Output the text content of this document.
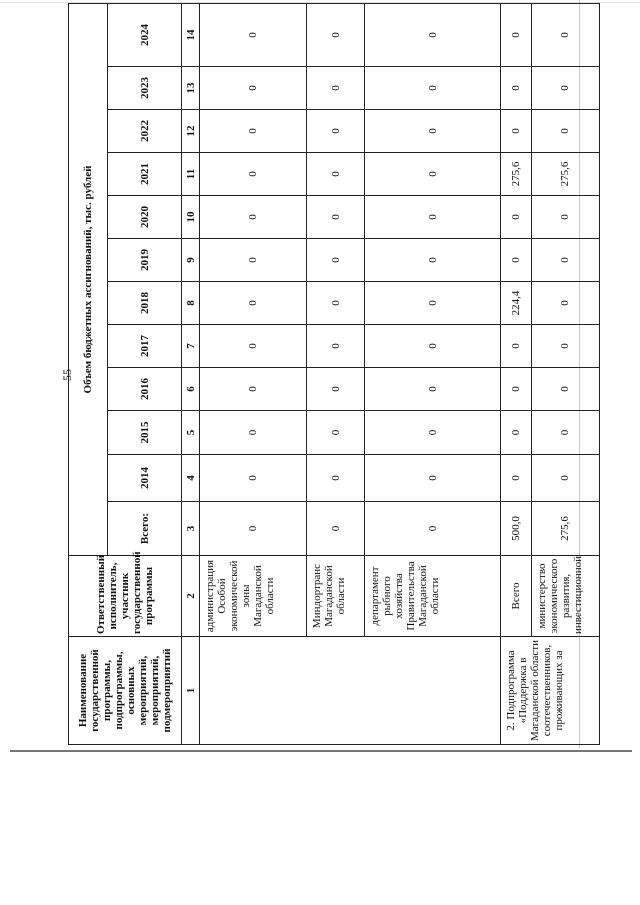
55
Наименование государственной программы, подпрограммы, основных мероприятий, мероприятий, подмероприятий	Ответственный исполнитель, участник государственной программы	Объем бюджетных ассигнований, тыс. рублей											
		Всего:	2014	2015	2016	2017	2018	2019	2020	2021	2022	2023	2024
1	2	3	4	5	6	7	8	9	10	11	12	13	14
	администрация Особой экономической зоны Магаданской области	0	0	0	0	0	0	0	0	0	0	0	0
	Миндортранс Магаданской области	0	0	0	0	0	0	0	0	0	0	0	0
	департамент рыбного хозяйства Правительства Магаданской области	0	0	0	0	0	0	0	0	0	0	0	0
2. Подпрограмма «Поддержка в Магаданской области соотечественников, проживающих за	Всего	500,0	0	0	0	0	224,4	0	0	275,6	0	0	0
	министерство экономического развития, инвестиционной	275,6	0	0	0	0	0	0	0	275,6	0	0	0
